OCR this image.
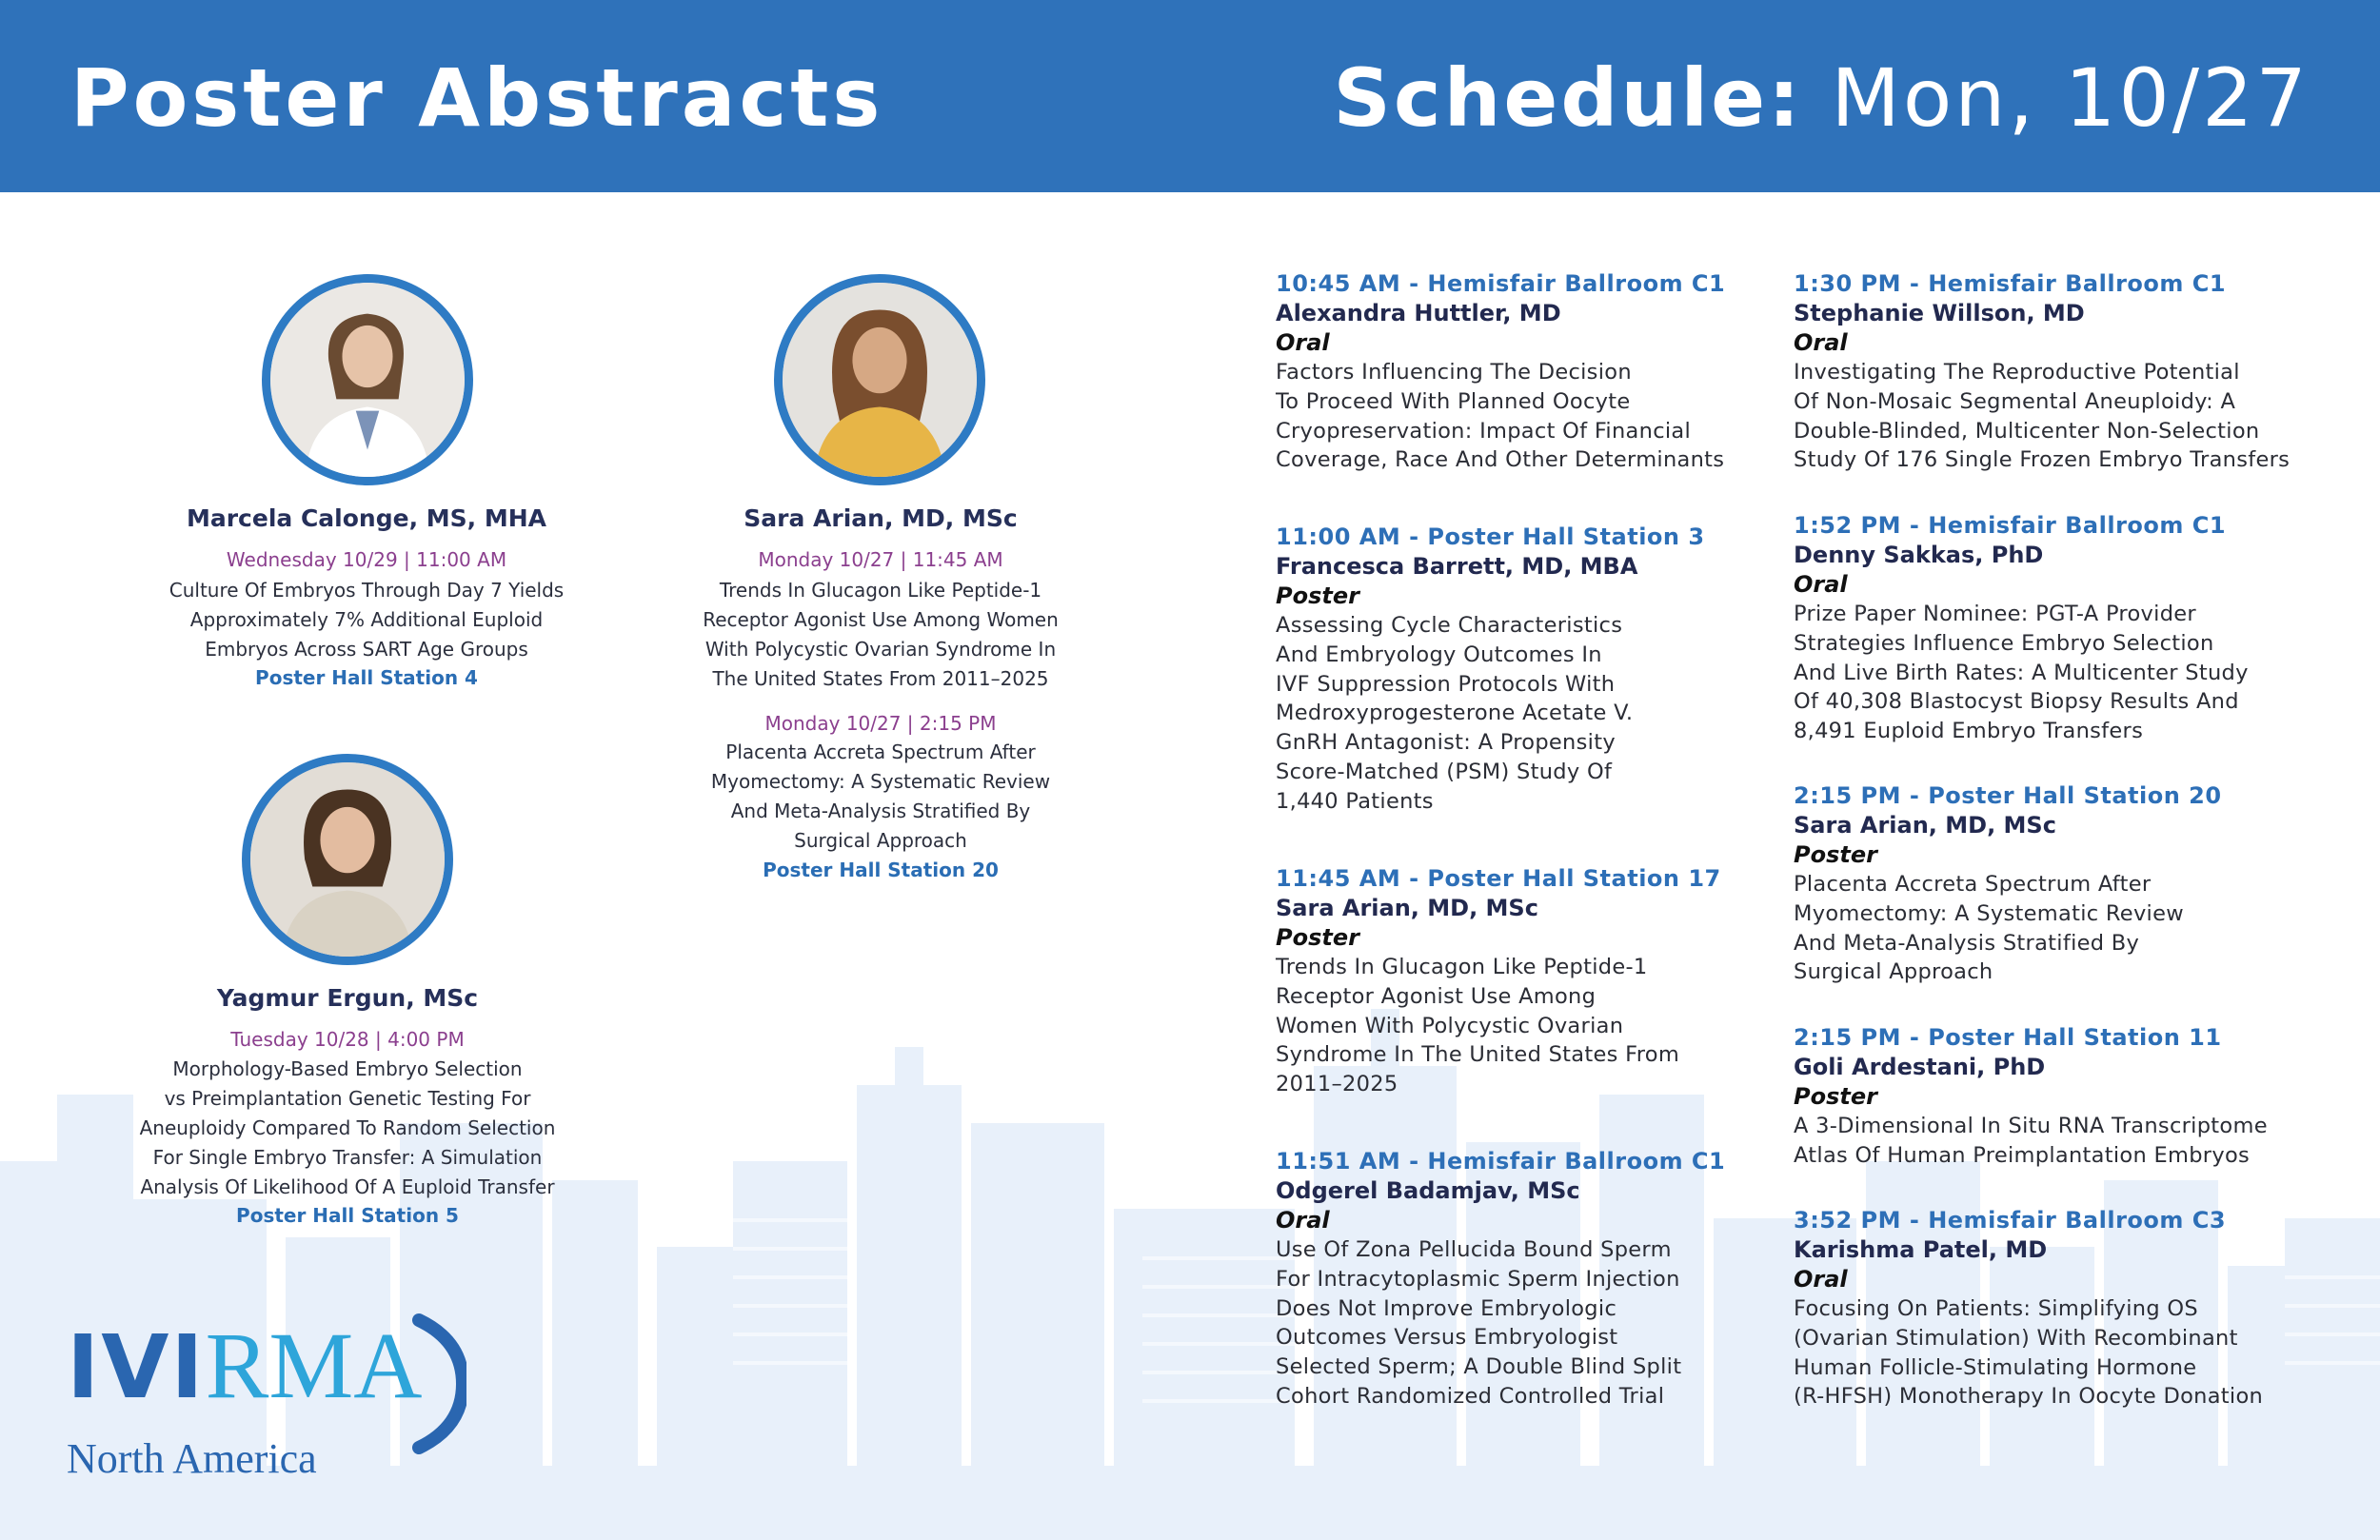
Poster Abstracts	Schedule: Mon, 10/27
Marcela Calonge, MS, MHA
Wednesday 10/29 | 11:00 AM
Culture Of Embryos Through Day 7 Yields
Approximately 7% Additional Euploid
Embryos Across SART Age Groups
Poster Hall Station 4
Sara Arian, MD, MSc
Monday 10/27 | 11:45 AM
Trends In Glucagon Like Peptide-1
Receptor Agonist Use Among Women
With Polycystic Ovarian Syndrome In
The United States From 2011–2025
Monday 10/27 | 2:15 PM
Placenta Accreta Spectrum After
Myomectomy: A Systematic Review
And Meta-Analysis Stratified By
Surgical Approach
Poster Hall Station 20
Yagmur Ergun, MSc
Tuesday 10/28 | 4:00 PM
Morphology-Based Embryo Selection
vs Preimplantation Genetic Testing For
Aneuploidy Compared To Random Selection
For Single Embryo Transfer: A Simulation
Analysis Of Likelihood Of A Euploid Transfer
Poster Hall Station 5
10:45 AM - Hemisfair Ballroom C1
Alexandra Huttler, MD
Oral
Factors Influencing The Decision
To Proceed With Planned Oocyte
Cryopreservation: Impact Of Financial
Coverage, Race And Other Determinants
11:00 AM - Poster Hall Station 3
Francesca Barrett, MD, MBA
Poster
Assessing Cycle Characteristics
And Embryology Outcomes In
IVF Suppression Protocols With
Medroxyprogesterone Acetate V.
GnRH Antagonist: A Propensity
Score-Matched (PSM) Study Of
1,440 Patients
11:45 AM - Poster Hall Station 17
Sara Arian, MD, MSc
Poster
Trends In Glucagon Like Peptide-1
Receptor Agonist Use Among
Women With Polycystic Ovarian
Syndrome In The United States From
2011–2025
11:51 AM - Hemisfair Ballroom C1
Odgerel Badamjav, MSc
Oral
Use Of Zona Pellucida Bound Sperm
For Intracytoplasmic Sperm Injection
Does Not Improve Embryologic
Outcomes Versus Embryologist
Selected Sperm; A Double Blind Split
Cohort Randomized Controlled Trial
1:30 PM - Hemisfair Ballroom C1
Stephanie Willson, MD
Oral
Investigating The Reproductive Potential
Of Non-Mosaic Segmental Aneuploidy: A
Double-Blinded, Multicenter Non-Selection
Study Of 176 Single Frozen Embryo Transfers
1:52 PM - Hemisfair Ballroom C1
Denny Sakkas, PhD
Oral
Prize Paper Nominee: PGT-A Provider
Strategies Influence Embryo Selection
And Live Birth Rates: A Multicenter Study
Of 40,308 Blastocyst Biopsy Results And
8,491 Euploid Embryo Transfers
2:15 PM - Poster Hall Station 20
Sara Arian, MD, MSc
Poster
Placenta Accreta Spectrum After
Myomectomy: A Systematic Review
And Meta-Analysis Stratified By
Surgical Approach
2:15 PM - Poster Hall Station 11
Goli Ardestani, PhD
Poster
A 3-Dimensional In Situ RNA Transcriptome
Atlas Of Human Preimplantation Embryos
3:52 PM - Hemisfair Ballroom C3
Karishma Patel, MD
Oral
Focusing On Patients: Simplifying OS
(Ovarian Stimulation) With Recombinant
Human Follicle-Stimulating Hormone
(R-HFSH) Monotherapy In Oocyte Donation
IVIRMA
North America
